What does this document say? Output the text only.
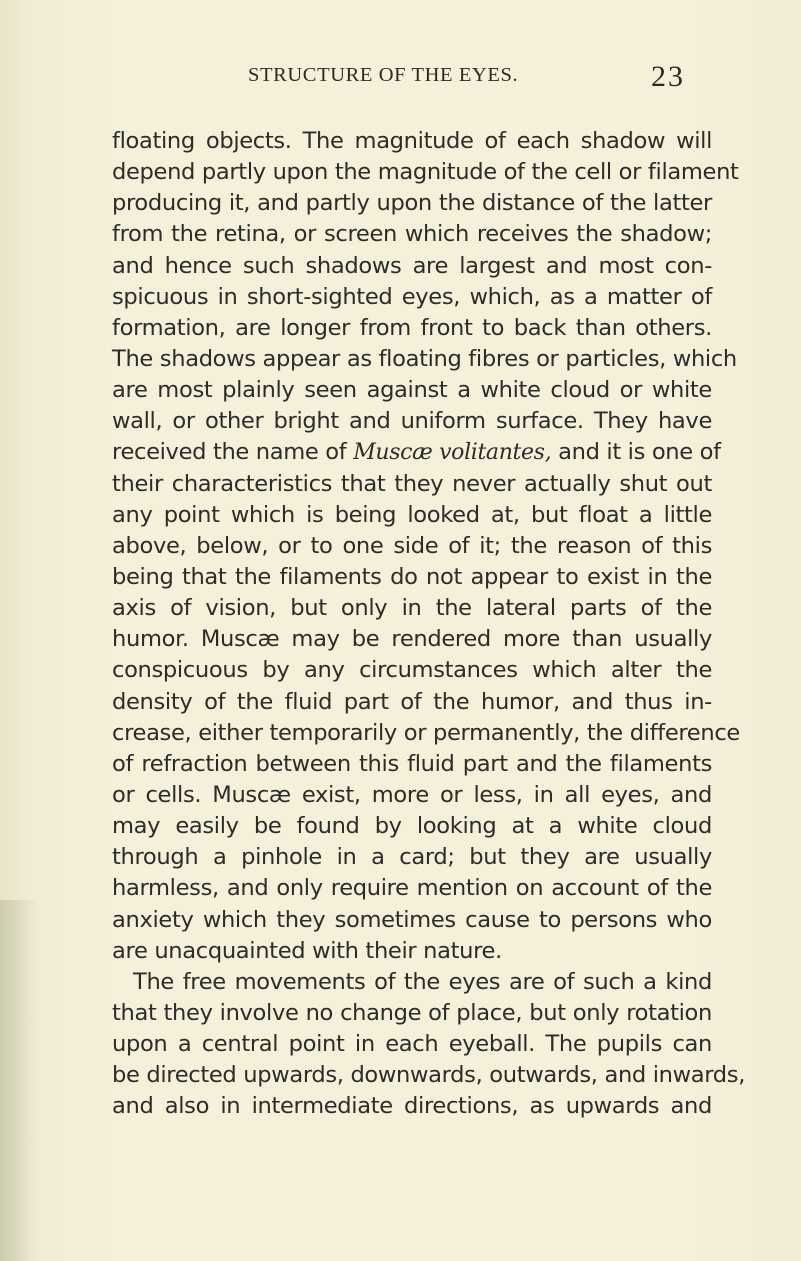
STRUCTURE OF THE EYES.	23
floating objects. The magnitude of each shadow will
depend partly upon the magnitude of the cell or filament
producing it, and partly upon the distance of the latter
from the retina, or screen which receives the shadow;
and hence such shadows are largest and most con-
spicuous in short-sighted eyes, which, as a matter of
formation, are longer from front to back than others.
The shadows appear as floating fibres or particles, which
are most plainly seen against a white cloud or white
wall, or other bright and uniform surface. They have
received the name of Muscæ volitantes, and it is one of
their characteristics that they never actually shut out
any point which is being looked at, but float a little
above, below, or to one side of it; the reason of this
being that the filaments do not appear to exist in the
axis of vision, but only in the lateral parts of the
humor. Muscæ may be rendered more than usually
conspicuous by any circumstances which alter the
density of the fluid part of the humor, and thus in-
crease, either temporarily or permanently, the difference
of refraction between this fluid part and the filaments
or cells. Muscæ exist, more or less, in all eyes, and
may easily be found by looking at a white cloud
through a pinhole in a card; but they are usually
harmless, and only require mention on account of the
anxiety which they sometimes cause to persons who
are unacquainted with their nature.
The free movements of the eyes are of such a kind
that they involve no change of place, but only rotation
upon a central point in each eyeball. The pupils can
be directed upwards, downwards, outwards, and inwards,
and also in intermediate directions, as upwards and
